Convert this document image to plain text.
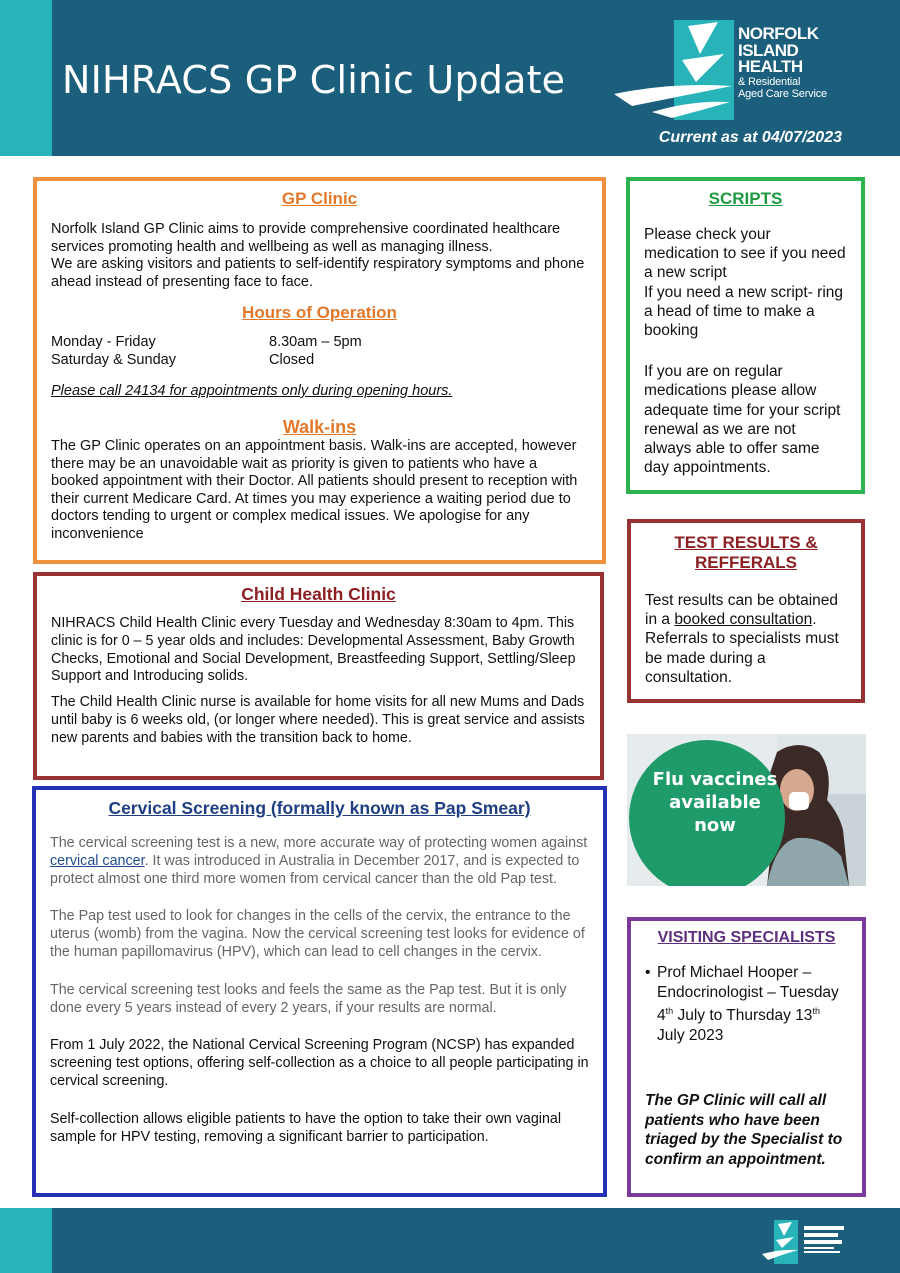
NIHRACS GP Clinic Update
NORFOLK
ISLAND
HEALTH
& Residential
Aged Care Service
Current as at 04/07/2023
GP Clinic

Norfolk Island GP Clinic aims to provide comprehensive coordinated healthcare services promoting health and wellbeing as well as managing illness.
We are asking visitors and patients to self-identify respiratory symptoms and phone ahead instead of presenting face to face.

Hours of Operation
Monday - Friday	8.30am – 5pm
Saturday & Sunday	Closed
Please call 24134 for appointments only during opening hours.
Walk-ins

The GP Clinic operates on an appointment basis. Walk-ins are accepted, however there may be an unavoidable wait as priority is given to patients who have a booked appointment with their Doctor. All patients should present to reception with their current Medicare Card. At times you may experience a waiting period due to doctors tending to urgent or complex medical issues. We apologise for any inconvenience

Child Health Clinic

NIHRACS Child Health Clinic every Tuesday and Wednesday 8:30am to 4pm. This clinic is for 0 – 5 year olds and includes: Developmental Assessment, Baby Growth Checks, Emotional and Social Development, Breastfeeding Support, Settling/Sleep Support and Introducing solids.

The Child Health Clinic nurse is available for home visits for all new Mums and Dads until baby is 6 weeks old, (or longer where needed). This is great service and assists new parents and babies with the transition back to home.

Cervical Screening (formally known as Pap Smear)

The cervical screening test is a new, more accurate way of protecting women against cervical cancer. It was introduced in Australia in December 2017, and is expected to protect almost one third more women from cervical cancer than the old Pap test.

The Pap test used to look for changes in the cells of the cervix, the entrance to the uterus (womb) from the vagina. Now the cervical screening test looks for evidence of the human papillomavirus (HPV), which can lead to cell changes in the cervix.

The cervical screening test looks and feels the same as the Pap test. But it is only done every 5 years instead of every 2 years, if your results are normal.

From 1 July 2022, the National Cervical Screening Program (NCSP) has expanded screening test options, offering self-collection as a choice to all people participating in cervical screening.

Self-collection allows eligible patients to have the option to take their own vaginal sample for HPV testing, removing a significant barrier to participation.

SCRIPTS

Please check your medication to see if you need a new script
If you need a new script- ring a head of time to make a booking

If you are on regular medications please allow adequate time for your script renewal as we are not always able to offer same day appointments.

TEST RESULTS & REFFERALS

Test results can be obtained in a booked consultation. Referrals to specialists must be made during a consultation.

Flu vaccines
available
now
VISITING SPECIALISTS
• Prof Michael Hooper – Endocrinologist – Tuesday 4th July to Thursday 13th July 2023
The GP Clinic will call all patients who have been triaged by the Specialist to confirm an appointment.
